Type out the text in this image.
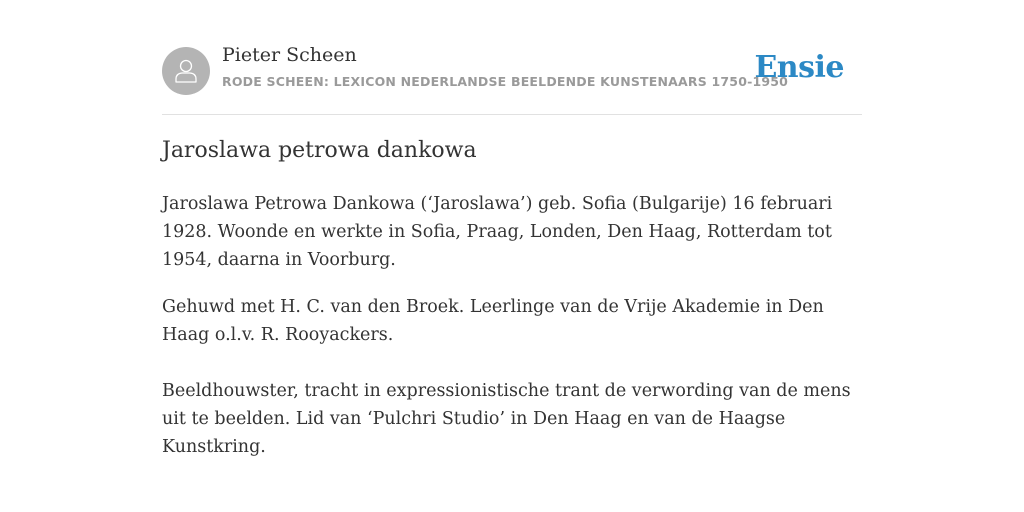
Pieter Scheen
RODE SCHEEN: LEXICON NEDERLANDSE BEELDENDE KUNSTENAARS 1750-1950
Ensie
Jaroslawa petrowa dankowa

Jaroslawa Petrowa Dankowa (‘Jaroslawa’) geb. Sofia (Bulgarije) 16 februari 1928. Woonde en werkte in Sofia, Praag, Londen, Den Haag, Rotterdam tot 1954, daarna in Voorburg.

Gehuwd met H. C. van den Broek. Leerlinge van de Vrije Akademie in Den Haag o.l.v. R. Rooyackers.

Beeldhouwster, tracht in expressionistische trant de verwording van de mens uit te beelden. Lid van ‘Pulchri Studio’ in Den Haag en van de Haagse Kunstkring.
